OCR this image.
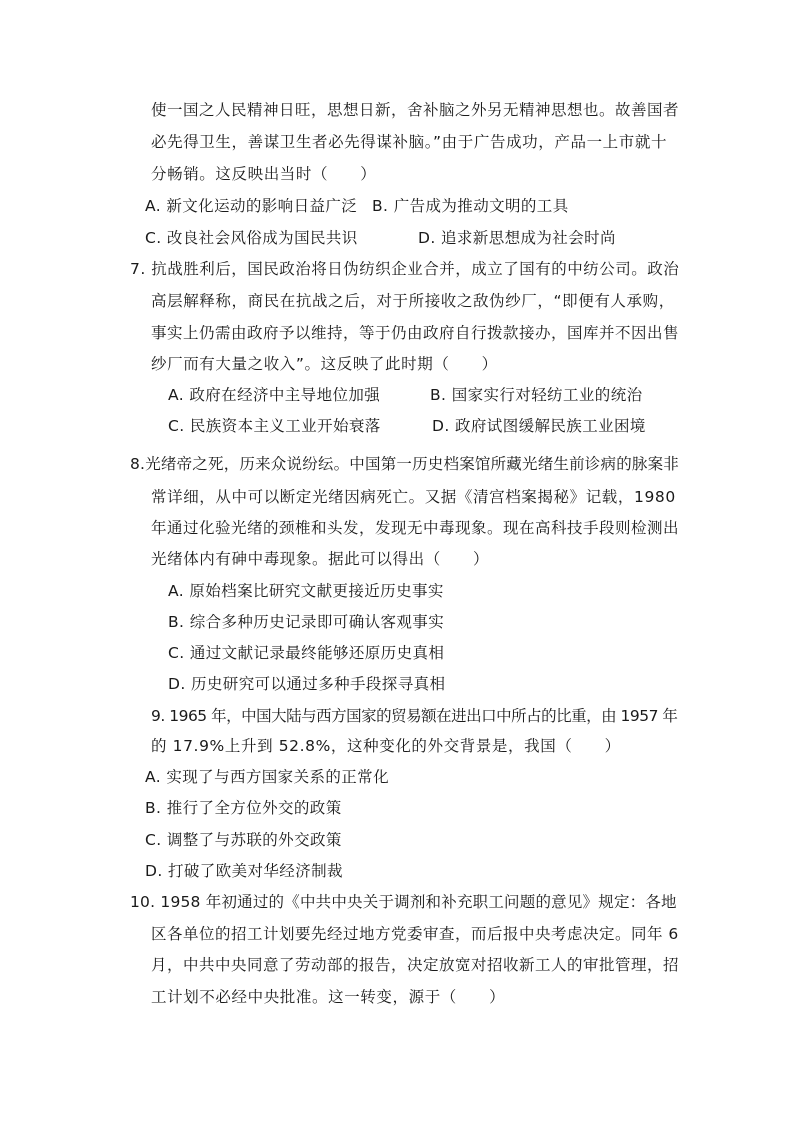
使一国之人民精神日旺，思想日新，舍补脑之外另无精神思想也。故善国者
必先得卫生，善谋卫生者必先得谋补脑。”由于广告成功，产品一上市就十
分畅销。这反映出当时（　　）
A. 新文化运动的影响日益广泛 B. 广告成为推动文明的工具
C. 改良社会风俗成为国民共识	D. 追求新思想成为社会时尚
7. 抗战胜利后，国民政治将日伪纺织企业合并，成立了国有的中纺公司。政治
高层解释称，商民在抗战之后，对于所接收之敌伪纱厂，“即便有人承购，
事实上仍需由政府予以维持，等于仍由政府自行拨款接办，国库并不因出售
纱厂而有大量之收入”。这反映了此时期（　　）
A. 政府在经济中主导地位加强	B. 国家实行对轻纺工业的统治
C. 民族资本主义工业开始衰落	D. 政府试图缓解民族工业困境
8.光绪帝之死，历来众说纷纭。中国第一历史档案馆所藏光绪生前诊病的脉案非
常详细，从中可以断定光绪因病死亡。又据《清宫档案揭秘》记载，1980
年通过化验光绪的颈椎和头发，发现无中毒现象。现在高科技手段则检测出
光绪体内有砷中毒现象。据此可以得出（　　）
A. 原始档案比研究文献更接近历史事实
B. 综合多种历史记录即可确认客观事实
C. 通过文献记录最终能够还原历史真相
D. 历史研究可以通过多种手段探寻真相
9. 1965 年，中国大陆与西方国家的贸易额在进出口中所占的比重，由 1957 年
的 17.9%上升到 52.8%，这种变化的外交背景是，我国（　　）
A. 实现了与西方国家关系的正常化
B. 推行了全方位外交的政策
C. 调整了与苏联的外交政策
D. 打破了欧美对华经济制裁
10. 1958 年初通过的《中共中央关于调剂和补充职工问题的意见》规定：各地
区各单位的招工计划要先经过地方党委审查，而后报中央考虑决定。同年 6
月，中共中央同意了劳动部的报告，决定放宽对招收新工人的审批管理，招
工计划不必经中央批准。这一转变，源于（　　）
